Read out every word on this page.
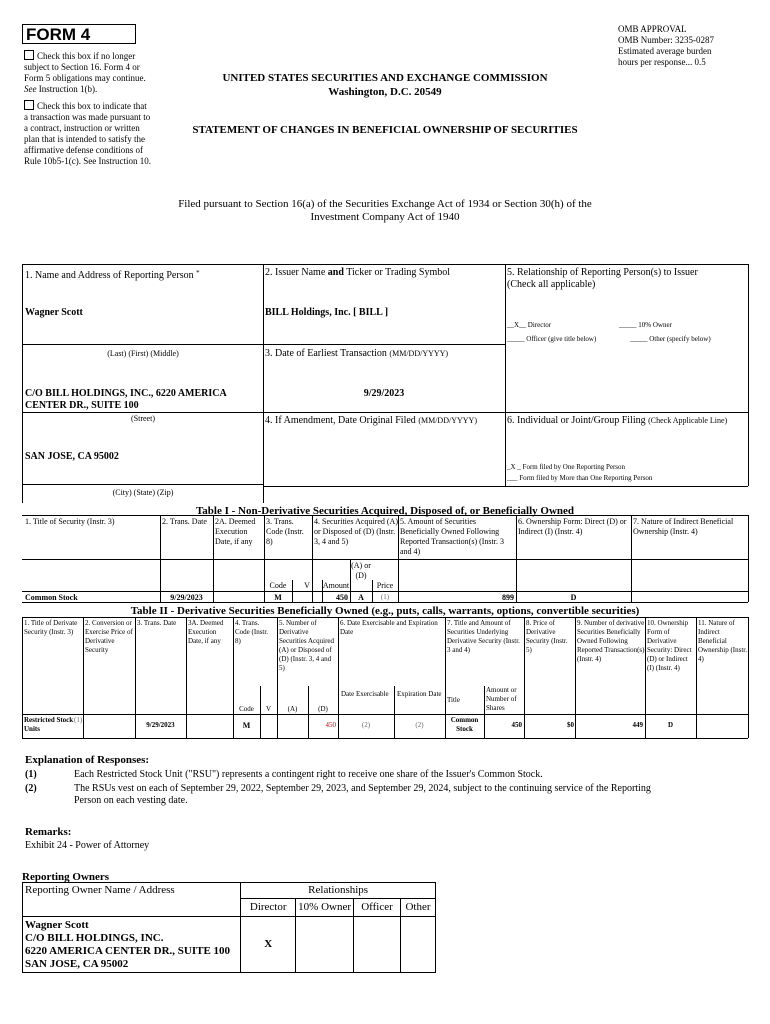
FORM 4
Check this box if no longer subject to Section 16. Form 4 or Form 5 obligations may continue. See Instruction 1(b).
Check this box to indicate that a transaction was made pursuant to a contract, instruction or written plan that is intended to satisfy the affirmative defense conditions of Rule 10b5-1(c). See Instruction 10.
UNITED STATES SECURITIES AND EXCHANGE COMMISSION
Washington, D.C. 20549
STATEMENT OF CHANGES IN BENEFICIAL OWNERSHIP OF SECURITIES
OMB APPROVAL
OMB Number: 3235-0287
Estimated average burden
hours per response... 0.5
Filed pursuant to Section 16(a) of the Securities Exchange Act of 1934 or Section 30(h) of the
Investment Company Act of 1940
1. Name and Address of Reporting Person *
Wagner Scott
(Last) (First) (Middle)
C/O BILL HOLDINGS, INC., 6220 AMERICA CENTER DR., SUITE 100
(Street)
SAN JOSE, CA 95002
(City) (State) (Zip)
2. Issuer Name and Ticker or Trading Symbol
BILL Holdings, Inc. [ BILL ]
3. Date of Earliest Transaction (MM/DD/YYYY)
9/29/2023
4. If Amendment, Date Original Filed (MM/DD/YYYY)
5. Relationship of Reporting Person(s) to Issuer
(Check all applicable)
__X__ Director	_____ 10% Owner
_____ Officer (give title below)	_____ Other (specify below)
6. Individual or Joint/Group Filing (Check Applicable Line)
_X _ Form filed by One Reporting Person
___ Form filed by More than One Reporting Person
Table I - Non-Derivative Securities Acquired, Disposed of, or Beneficially Owned
1. Title of Security (Instr. 3)	2. Trans. Date	2A. Deemed Execution Date, if any
3. Trans. Code (Instr. 8)
4. Securities Acquired (A) or Disposed of (D) (Instr. 3, 4 and 5)
5. Amount of Securities Beneficially Owned Following Reported Transaction(s) (Instr. 3 and 4)
6. Ownership Form: Direct (D) or Indirect (I) (Instr. 4)
7. Nature of Indirect Beneficial Ownership (Instr. 4)
Code	V	Amount
(A) or (D)
Price
Common Stock	9/29/2023	M	450	A	(1)	899	D
Table II - Derivative Securities Beneficially Owned (e.g., puts, calls, warrants, options, convertible securities)
1. Title of Derivate Security (Instr. 3)
2. Conversion or Exercise Price of Derivative Security
3. Trans. Date	3A. Deemed Execution Date, if any
4. Trans. Code (Instr. 8)
5. Number of Derivative Securities Acquired (A) or Disposed of (D) (Instr. 3, 4 and 5)
6. Date Exercisable and Expiration Date
7. Title and Amount of Securities Underlying Derivative Security (Instr. 3 and 4)
8. Price of Derivative Security (Instr. 5)
9. Number of derivative Securities Beneficially Owned Following Reported Transaction(s) (Instr. 4)
10. Ownership Form of Derivative Security: Direct (D) or Indirect (I) (Instr. 4)
11. Nature of Indirect Beneficial Ownership (Instr. 4)
Code	V	(A)	(D)
Date Exercisable	Expiration Date
Title
Amount or Number of Shares
Restricted Stock Units
(1)
9/29/2023	M	450	(2)	(2)
Common Stock	450	$0	449	D
Explanation of Responses:
(1)	Each Restricted Stock Unit ("RSU") represents a contingent right to receive one share of the Issuer's Common Stock.
(2)	The RSUs vest on each of September 29, 2022, September 29, 2023, and September 29, 2024, subject to the continuing service of the Reporting
Person on each vesting date.
Remarks:
Exhibit 24 - Power of Attorney
Reporting Owners
Reporting Owner Name / Address	Relationships			
	Director	10% Owner	Officer	Other

Wagner Scott
C/O BILL HOLDINGS, INC.
6220 AMERICA CENTER DR., SUITE 100
SAN JOSE, CA 95002	X			
